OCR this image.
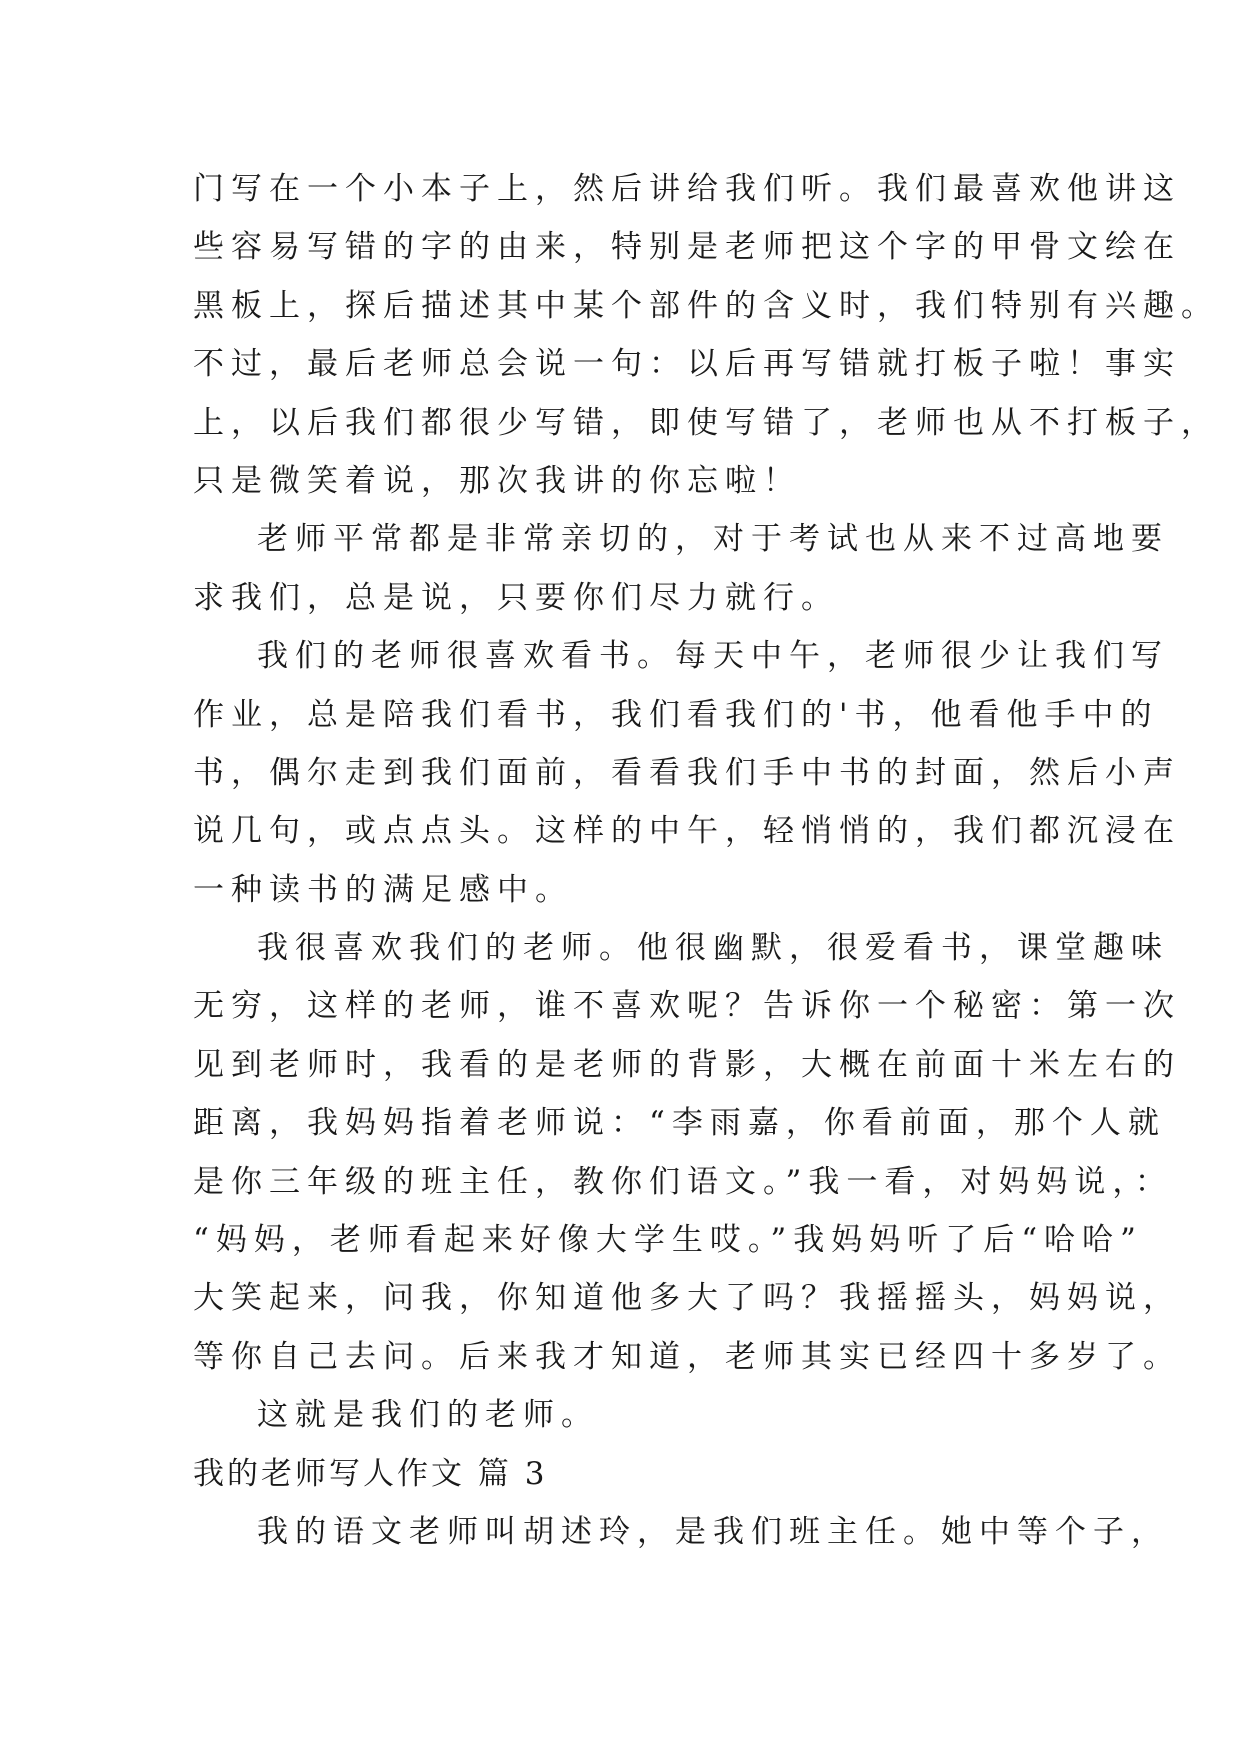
门写在一个小本子上，然后讲给我们听。我们最喜欢他讲这
些容易写错的字的由来，特别是老师把这个字的甲骨文绘在
黑板上，探后描述其中某个部件的含义时，我们特别有兴趣。
不过，最后老师总会说一句：以后再写错就打板子啦！事实
上，以后我们都很少写错，即使写错了，老师也从不打板子，
只是微笑着说，那次我讲的你忘啦！
老师平常都是非常亲切的，对于考试也从来不过高地要
求我们，总是说，只要你们尽力就行。
我们的老师很喜欢看书。每天中午，老师很少让我们写
作业，总是陪我们看书，我们看我们的'书，他看他手中的
书，偶尔走到我们面前，看看我们手中书的封面，然后小声
说几句，或点点头。这样的中午，轻悄悄的，我们都沉浸在
一种读书的满足感中。
我很喜欢我们的老师。他很幽默，很爱看书，课堂趣味
无穷，这样的老师，谁不喜欢呢？告诉你一个秘密：第一次
见到老师时，我看的是老师的背影，大概在前面十米左右的
距离，我妈妈指着老师说：“李雨嘉，你看前面，那个人就
是你三年级的班主任，教你们语文。”我一看，对妈妈说，：
“妈妈，老师看起来好像大学生哎。”我妈妈听了后“哈哈”
大笑起来，问我，你知道他多大了吗？我摇摇头，妈妈说，
等你自己去问。后来我才知道，老师其实已经四十多岁了。
这就是我们的老师。
我的老师写人作文 篇 3
我的语文老师叫胡述玲，是我们班主任。她中等个子，
